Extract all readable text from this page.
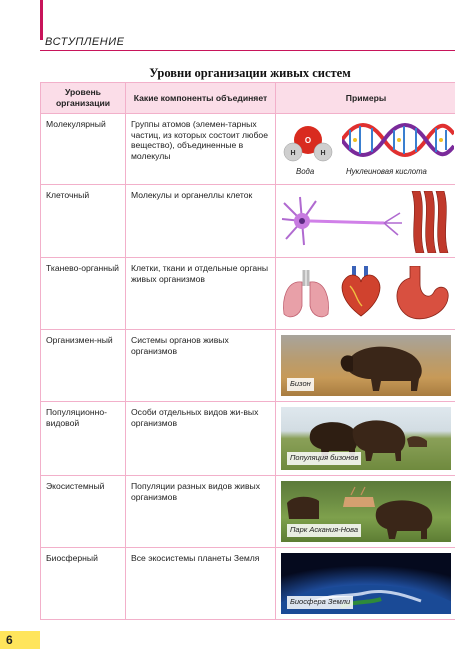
ВСТУПЛЕНИЕ
Уровни организации живых систем
Уровень организации	Какие компоненты объединяет	Примеры
Молекулярный	Группы атомов (элемен-тарных частиц, из которых состоит любое вещество), объединенные в молекулы	O
H H
Вода Нуклеиновая кислота

Клеточный	Молекулы и органеллы клеток	

Тканево-органный	Клетки, ткани и отдельные органы живых организмов	

Организмен-ный	Системы органов живых организмов	Бизон

Популяционно-видовой	Особи отдельных видов жи-вых организмов	Популяция бизонов

Экосистемный	Популяции разных видов живых организмов	Парк Аскания-Нова

Биосферный	Все экосистемы планеты Земля	Биосфера Земли
6
